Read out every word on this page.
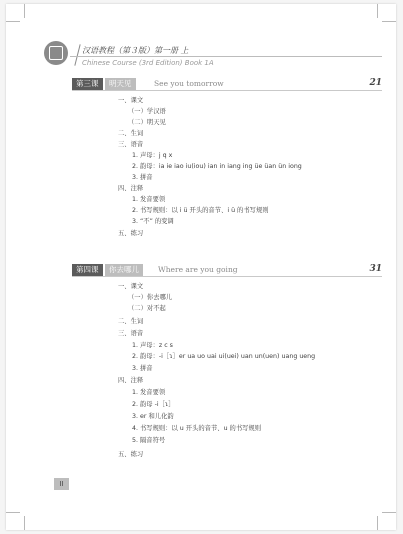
汉语教程（第３版）第一册 上
Chinese Course (3rd Edition) Book 1A
第三课	明天见	See you tomorrow	21
一、课文
（一）学汉语
（二）明天见
二、生词
三、语音
1. 声母：j q x
2. 韵母：ia ie iao iu(iou) ian in iang ing üe üan ün iong
3. 拼音
四、注释
1. 发音要领
2. 书写规则：以 i ü 开头的音节、i ü 的书写规则
3. “不” 的变调
五、练习
第四课	你去哪儿	Where are you going	31
一、课文
（一）你去哪儿
（二）对不起
二、生词
三、语音
1. 声母：z c s
2. 韵母：-i［ɿ］er ua uo uai ui(uei) uan un(uen) uang ueng
3. 拼音
四、注释
1. 发音要领
2. 韵母 -i［ɿ］
3. er 和儿化韵
4. 书写规则：以 u 开头的音节、u 的书写规则
5. 隔音符号
五、练习
II
